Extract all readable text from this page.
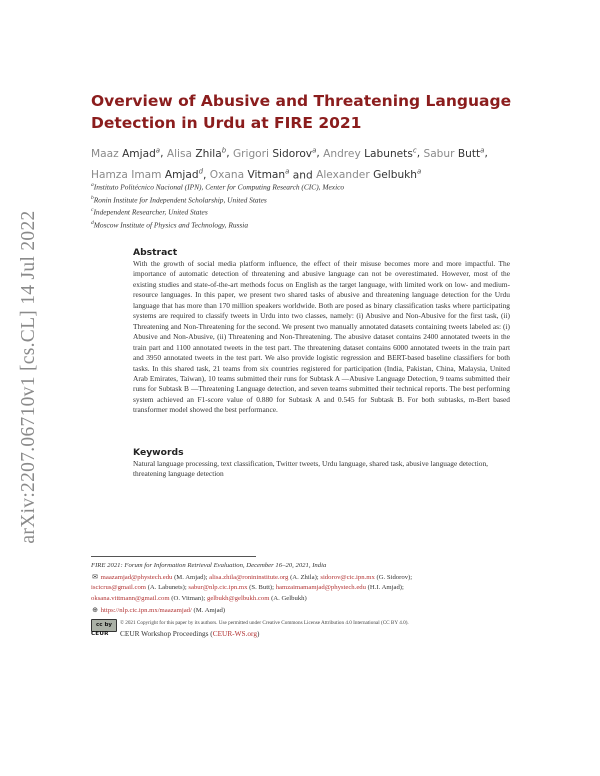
arXiv:2207.06710v1 [cs.CL] 14 Jul 2022
Overview of Abusive and Threatening Language
Detection in Urdu at FIRE 2021
Maaz Amjad$^a$, Alisa Zhila$^b$, Grigori Sidorov$^a$, Andrey Labunets$^c$, Sabur Butt$^a$,
Hamza Imam Amjad$^d$, Oxana Vitman$^a$ and Alexander Gelbukh$^a$
$^a$Instituto Politécnico Nacional (IPN), Center for Computing Research (CIC), Mexico
$^b$Ronin Institute for Independent Scholarship, United States
$^c$Independent Researcher, United States
$^d$Moscow Institute of Physics and Technology, Russia
Abstract

With the growth of social media platform influence, the effect of their misuse becomes more and more impactful. The importance of automatic detection of threatening and abusive language can not be overestimated. However, most of the existing studies and state-of-the-art methods focus on English as the target language, with limited work on low- and medium-resource languages. In this paper, we present two shared tasks of abusive and threatening language detection for the Urdu language that has more than 170 million speakers worldwide. Both are posed as binary classification tasks where participating systems are required to classify tweets in Urdu into two classes, namely: (i) Abusive and Non-Abusive for the first task, (ii) Threatening and Non-Threatening for the second. We present two manually annotated datasets containing tweets labeled as: (i) Abusive and Non-Abusive, (ii) Threatening and Non-Threatening. The abusive dataset contains 2400 annotated tweets in the train part and 1100 annotated tweets in the test part. The threatening dataset contains 6000 annotated tweets in the train part and 3950 annotated tweets in the test part. We also provide logistic regression and BERT-based baseline classifiers for both tasks. In this shared task, 21 teams from six countries registered for participation (India, Pakistan, China, Malaysia, United Arab Emirates, Taiwan), 10 teams submitted their runs for Subtask A —Abusive Language Detection, 9 teams submitted their runs for Subtask B —Threatening Language detection, and seven teams submitted their technical reports. The best performing system achieved an F1-score value of 0.880 for Subtask A and 0.545 for Subtask B. For both subtasks, m-Bert based transformer model showed the best performance.

Keywords

Natural language processing, text classification, Twitter tweets, Urdu language, shared task, abusive language detection, threatening language detection

FIRE 2021: Forum for Information Retrieval Evaluation, December 16–20, 2021, India
✉ maazamjad@phystech.edu (M. Amjad); alisa.zhila@ronininstitute.org (A. Zhila); sidorov@cic.ipn.mx (G. Sidorov);
iscicrus@gmail.com (A. Labunets); sabur@nlp.cic.ipn.mx (S. Butt); hamzaimamamjad@phystech.edu (H.I. Amjad);
oksana.vittmann@gmail.com (O. Vitman); gelbukh@gelbukh.com (A. Gelbukh)
⊕ https://nlp.cic.ipn.mx/maazamjad/ (M. Amjad)
cc by
CEUR
© 2021 Copyright for this paper by its authors. Use permitted under Creative Commons License Attribution 4.0 International (CC BY 4.0).
CEUR Workshop Proceedings (CEUR-WS.org)
